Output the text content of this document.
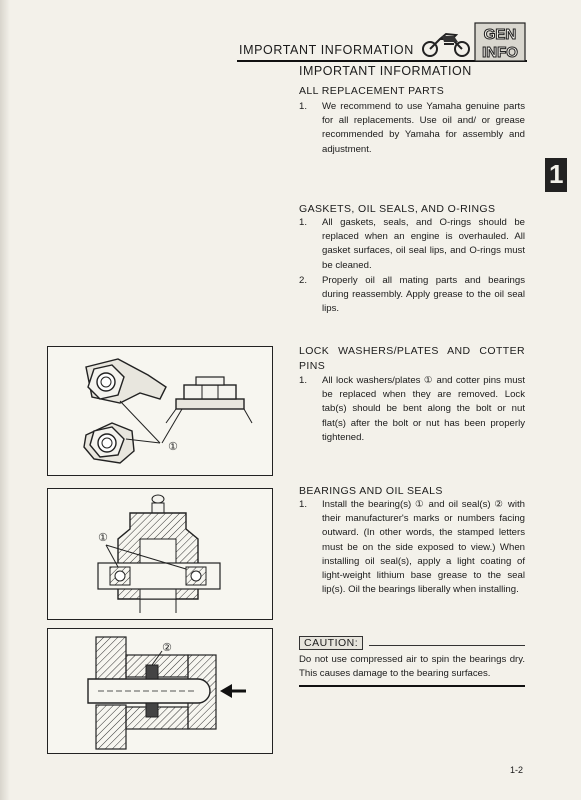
IMPORTANT INFORMATION
GEN
INFO
1
IMPORTANT INFORMATION
ALL REPLACEMENT PARTS
1. We recommend to use Yamaha genuine parts for all replacements. Use oil and/ or grease recommended by Yamaha for assembly and adjustment.
GASKETS, OIL SEALS, AND O-RINGS
1. All gaskets, seals, and O-rings should be replaced when an engine is overhauled. All gasket surfaces, oil seal lips, and O-rings must be cleaned.
2. Properly oil all mating parts and bearings during reassembly. Apply grease to the oil seal lips.
LOCK WASHERS/PLATES AND COTTER PINS
1. All lock washers/plates ① and cotter pins must be replaced when they are removed. Lock tab(s) should be bent along the bolt or nut flat(s) after the bolt or nut has been properly tightened.
BEARINGS AND OIL SEALS
1. Install the bearing(s) ① and oil seal(s) ② with their manufacturer's marks or numbers facing outward. (In other words, the stamped letters must be on the side exposed to view.) When installing oil seal(s), apply a light coating of light-weight lithium base grease to the seal lip(s). Oil the bearings liberally when installing.
CAUTION:
Do not use compressed air to spin the bearings dry. This causes damage to the bearing surfaces.
①
①
②
1-2
